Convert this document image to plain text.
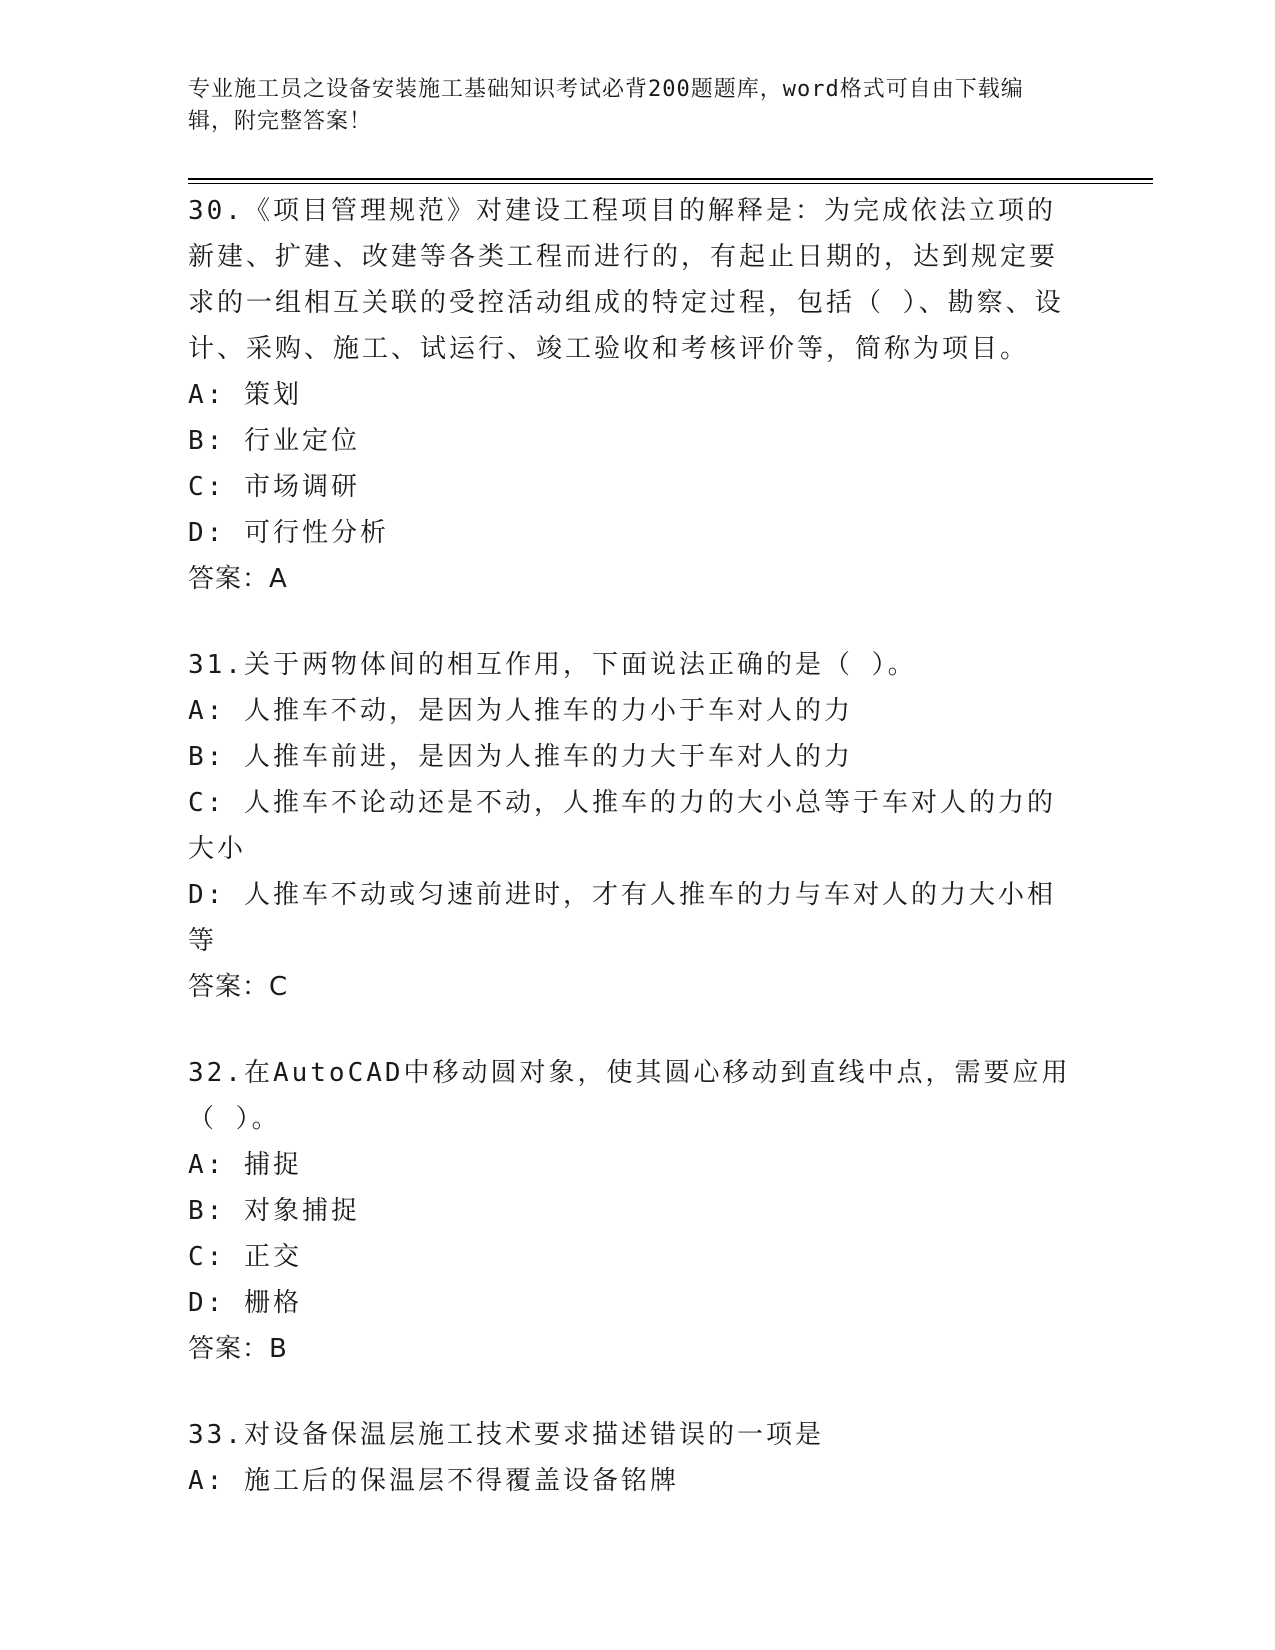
专业施工员之设备安装施工基础知识考试必背200题题库，word格式可自由下载编辑，附完整答案！
30.《项目管理规范》对建设工程项目的解释是：为完成依法立项的新建、扩建、改建等各类工程而进行的，有起止日期的，达到规定要求的一组相互关联的受控活动组成的特定过程，包括（ ）、勘察、设计、采购、施工、试运行、竣工验收和考核评价等，简称为项目。
A: 策划
B: 行业定位
C: 市场调研
D: 可行性分析
答案：A
31.关于两物体间的相互作用，下面说法正确的是（ ）。
A: 人推车不动，是因为人推车的力小于车对人的力
B: 人推车前进，是因为人推车的力大于车对人的力
C: 人推车不论动还是不动，人推车的力的大小总等于车对人的力的大小
D: 人推车不动或匀速前进时，才有人推车的力与车对人的力大小相等
答案：C
32.在AutoCAD中移动圆对象，使其圆心移动到直线中点，需要应用（ ）。
A: 捕捉
B: 对象捕捉
C: 正交
D: 栅格
答案：B
33.对设备保温层施工技术要求描述错误的一项是
A: 施工后的保温层不得覆盖设备铭牌
